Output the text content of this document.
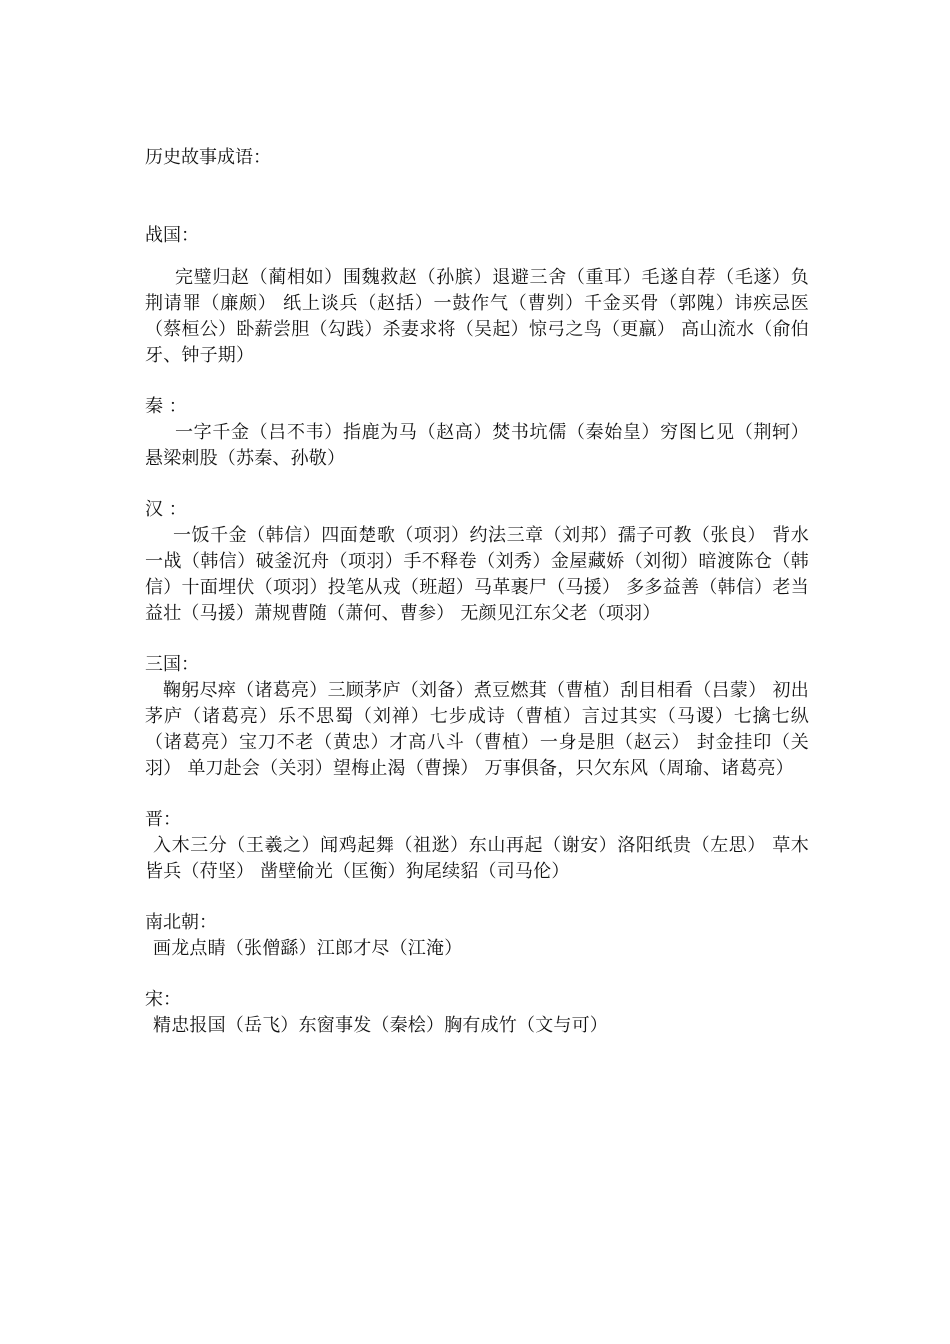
历史故事成语：

战国：

完璧归赵（蔺相如）围魏救赵（孙膑）退避三舍（重耳）毛遂自荐（毛遂）负荆请罪（廉颇） 纸上谈兵（赵括）一鼓作气（曹刿）千金买骨（郭隗）讳疾忌医（蔡桓公）卧薪尝胆（勾践）杀妻求将（吴起）惊弓之鸟（更羸） 高山流水（俞伯牙、钟子期）

秦 ：

一字千金（吕不韦）指鹿为马（赵高）焚书坑儒（秦始皇）穷图匕见（荆轲）悬梁刺股（苏秦、孙敬）

汉 ：

一饭千金（韩信）四面楚歌（项羽）约法三章（刘邦）孺子可教（张良） 背水一战（韩信）破釜沉舟（项羽）手不释卷（刘秀）金屋藏娇（刘彻）暗渡陈仓（韩信）十面埋伏（项羽）投笔从戎（班超）马革裹尸（马援） 多多益善（韩信）老当益壮（马援）萧规曹随（萧何、曹参） 无颜见江东父老（项羽）

三国：

鞠躬尽瘁（诸葛亮）三顾茅庐（刘备）煮豆燃萁（曹植）刮目相看（吕蒙） 初出茅庐（诸葛亮）乐不思蜀（刘禅）七步成诗（曹植）言过其实（马谡）七擒七纵（诸葛亮）宝刀不老（黄忠）才高八斗（曹植）一身是胆（赵云） 封金挂印（关羽） 单刀赴会（关羽）望梅止渴（曹操） 万事俱备，只欠东风（周瑜、诸葛亮）

晋：

入木三分（王羲之）闻鸡起舞（祖逖）东山再起（谢安）洛阳纸贵（左思） 草木皆兵（苻坚） 凿壁偷光（匡衡）狗尾续貂（司马伦）

南北朝：

画龙点睛（张僧繇）江郎才尽（江淹）

宋：

精忠报国（岳飞）东窗事发（秦桧）胸有成竹（文与可）
